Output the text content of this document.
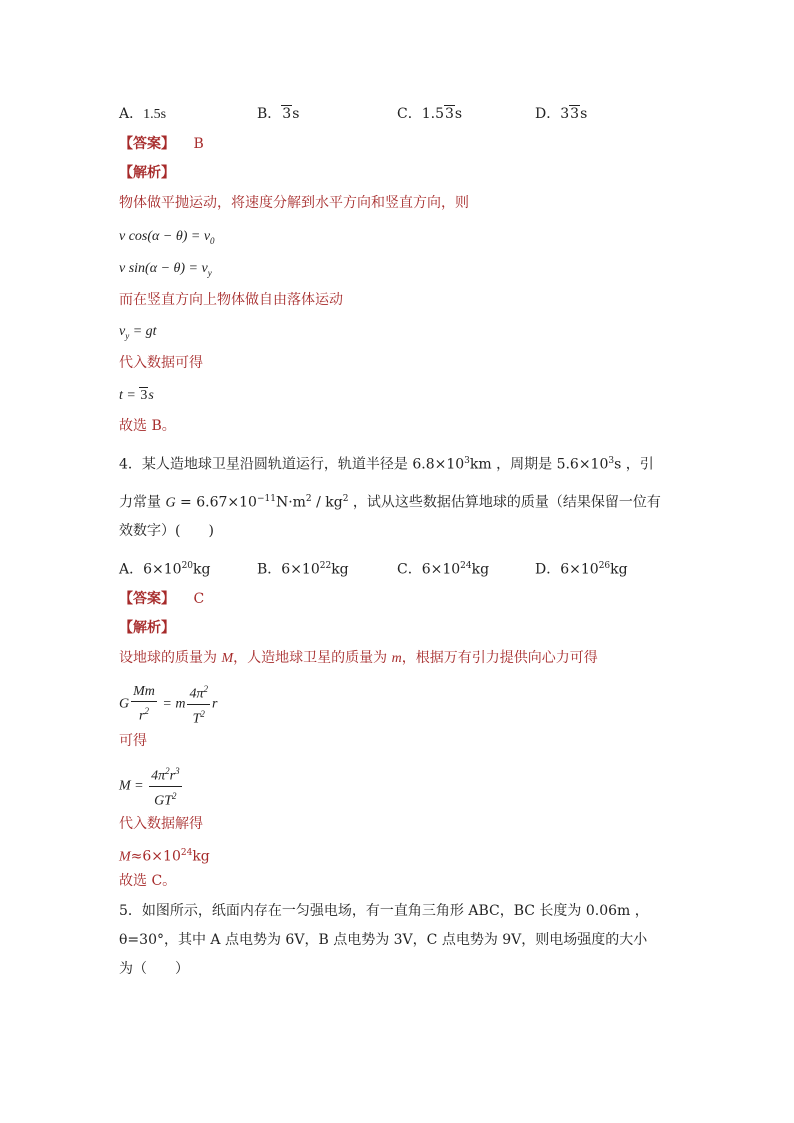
A．1.5s	B．3s	C．1.53s	D．33s
【答案】 B
【解析】
物体做平抛运动，将速度分解到水平方向和竖直方向，则
v $\cos(\alpha - \theta) = v_0$
v $\sin(\alpha - \theta) = v_y$
而在竖直方向上物体做自由落体运动
$v_y$ = gt
代入数据可得
t = 3s
故选 B。
4．某人造地球卫星沿圆轨道运行，轨道半径是 $6.8\times 10^3km$ ，周期是 $5.6\times 10^3s$ ，引
力常量 $G = 6.67\times 10^{-11}N\cdot m^2 / kg^2$ ，试从这些数据估算地球的质量（结果保留一位有
效数字）(　　)
A．$6\times 10^{20}kg$	B．$6\times 10^{22}kg$	C．$6\times 10^{24}kg$	D．$6\times 10^{26}kg$
【答案】 C
【解析】
设地球的质量为 M，人造地球卫星的质量为 m，根据万有引力提供向心力可得
G $\frac{Mm}{r^2} = m \frac{4\pi^2}{T^2}$ r
可得
$M = \frac{4\pi^2r^3}{GT^2}$
代入数据解得
$M\approx 6\times 10^{24}kg$
故选 C。
5．如图所示，纸面内存在一匀强电场，有一直角三角形 ABC，BC 长度为 0.06m ，
θ=30°，其中 A 点电势为 6V，B 点电势为 3V，C 点电势为 9V，则电场强度的大小
为（　　）
